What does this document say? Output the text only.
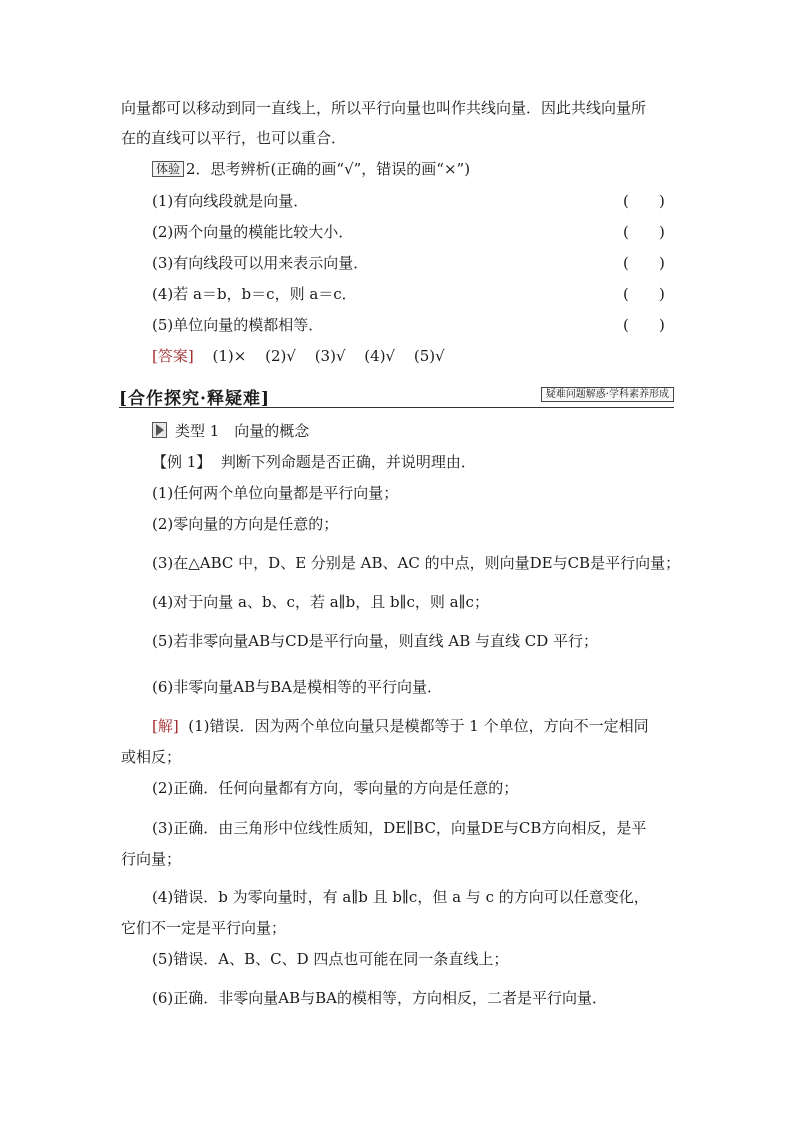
向量都可以移动到同一直线上，所以平行向量也叫作共线向量．因此共线向量所
在的直线可以平行，也可以重合．
体验 2．思考辨析(正确的画“√”，错误的画“×”)
(1)有向线段就是向量．	( )
(2)两个向量的模能比较大小．	( )
(3)有向线段可以用来表示向量．	( )
(4)若 a＝b，b＝c，则 a＝c．	( )
(5)单位向量的模都相等．	( )
[答案] (1)× (2)√ (3)√ (4)√ (5)√
[合作探究·释疑难]	疑难问题解惑·学科素养形成
类型 1　向量的概念
【例 1】 判断下列命题是否正确，并说明理由．
(1)任何两个单位向量都是平行向量；
(2)零向量的方向是任意的；
(3)在△ABC 中，D、E 分别是 AB、AC 的中点，则向量DE与CB是平行向量；
(4)对于向量 a、b、c，若 a∥b，且 b∥c，则 a∥c；
(5)若非零向量AB与CD是平行向量，则直线 AB 与直线 CD 平行；
(6)非零向量AB与BA是模相等的平行向量．
[解] (1)错误．因为两个单位向量只是模都等于 1 个单位，方向不一定相同
或相反；
(2)正确．任何向量都有方向，零向量的方向是任意的；
(3)正确．由三角形中位线性质知，DE∥BC，向量DE与CB方向相反，是平
行向量；
(4)错误．b 为零向量时，有 a∥b 且 b∥c，但 a 与 c 的方向可以任意变化，
它们不一定是平行向量；
(5)错误．A、B、C、D 四点也可能在同一条直线上；
(6)正确．非零向量AB与BA的模相等，方向相反，二者是平行向量．
